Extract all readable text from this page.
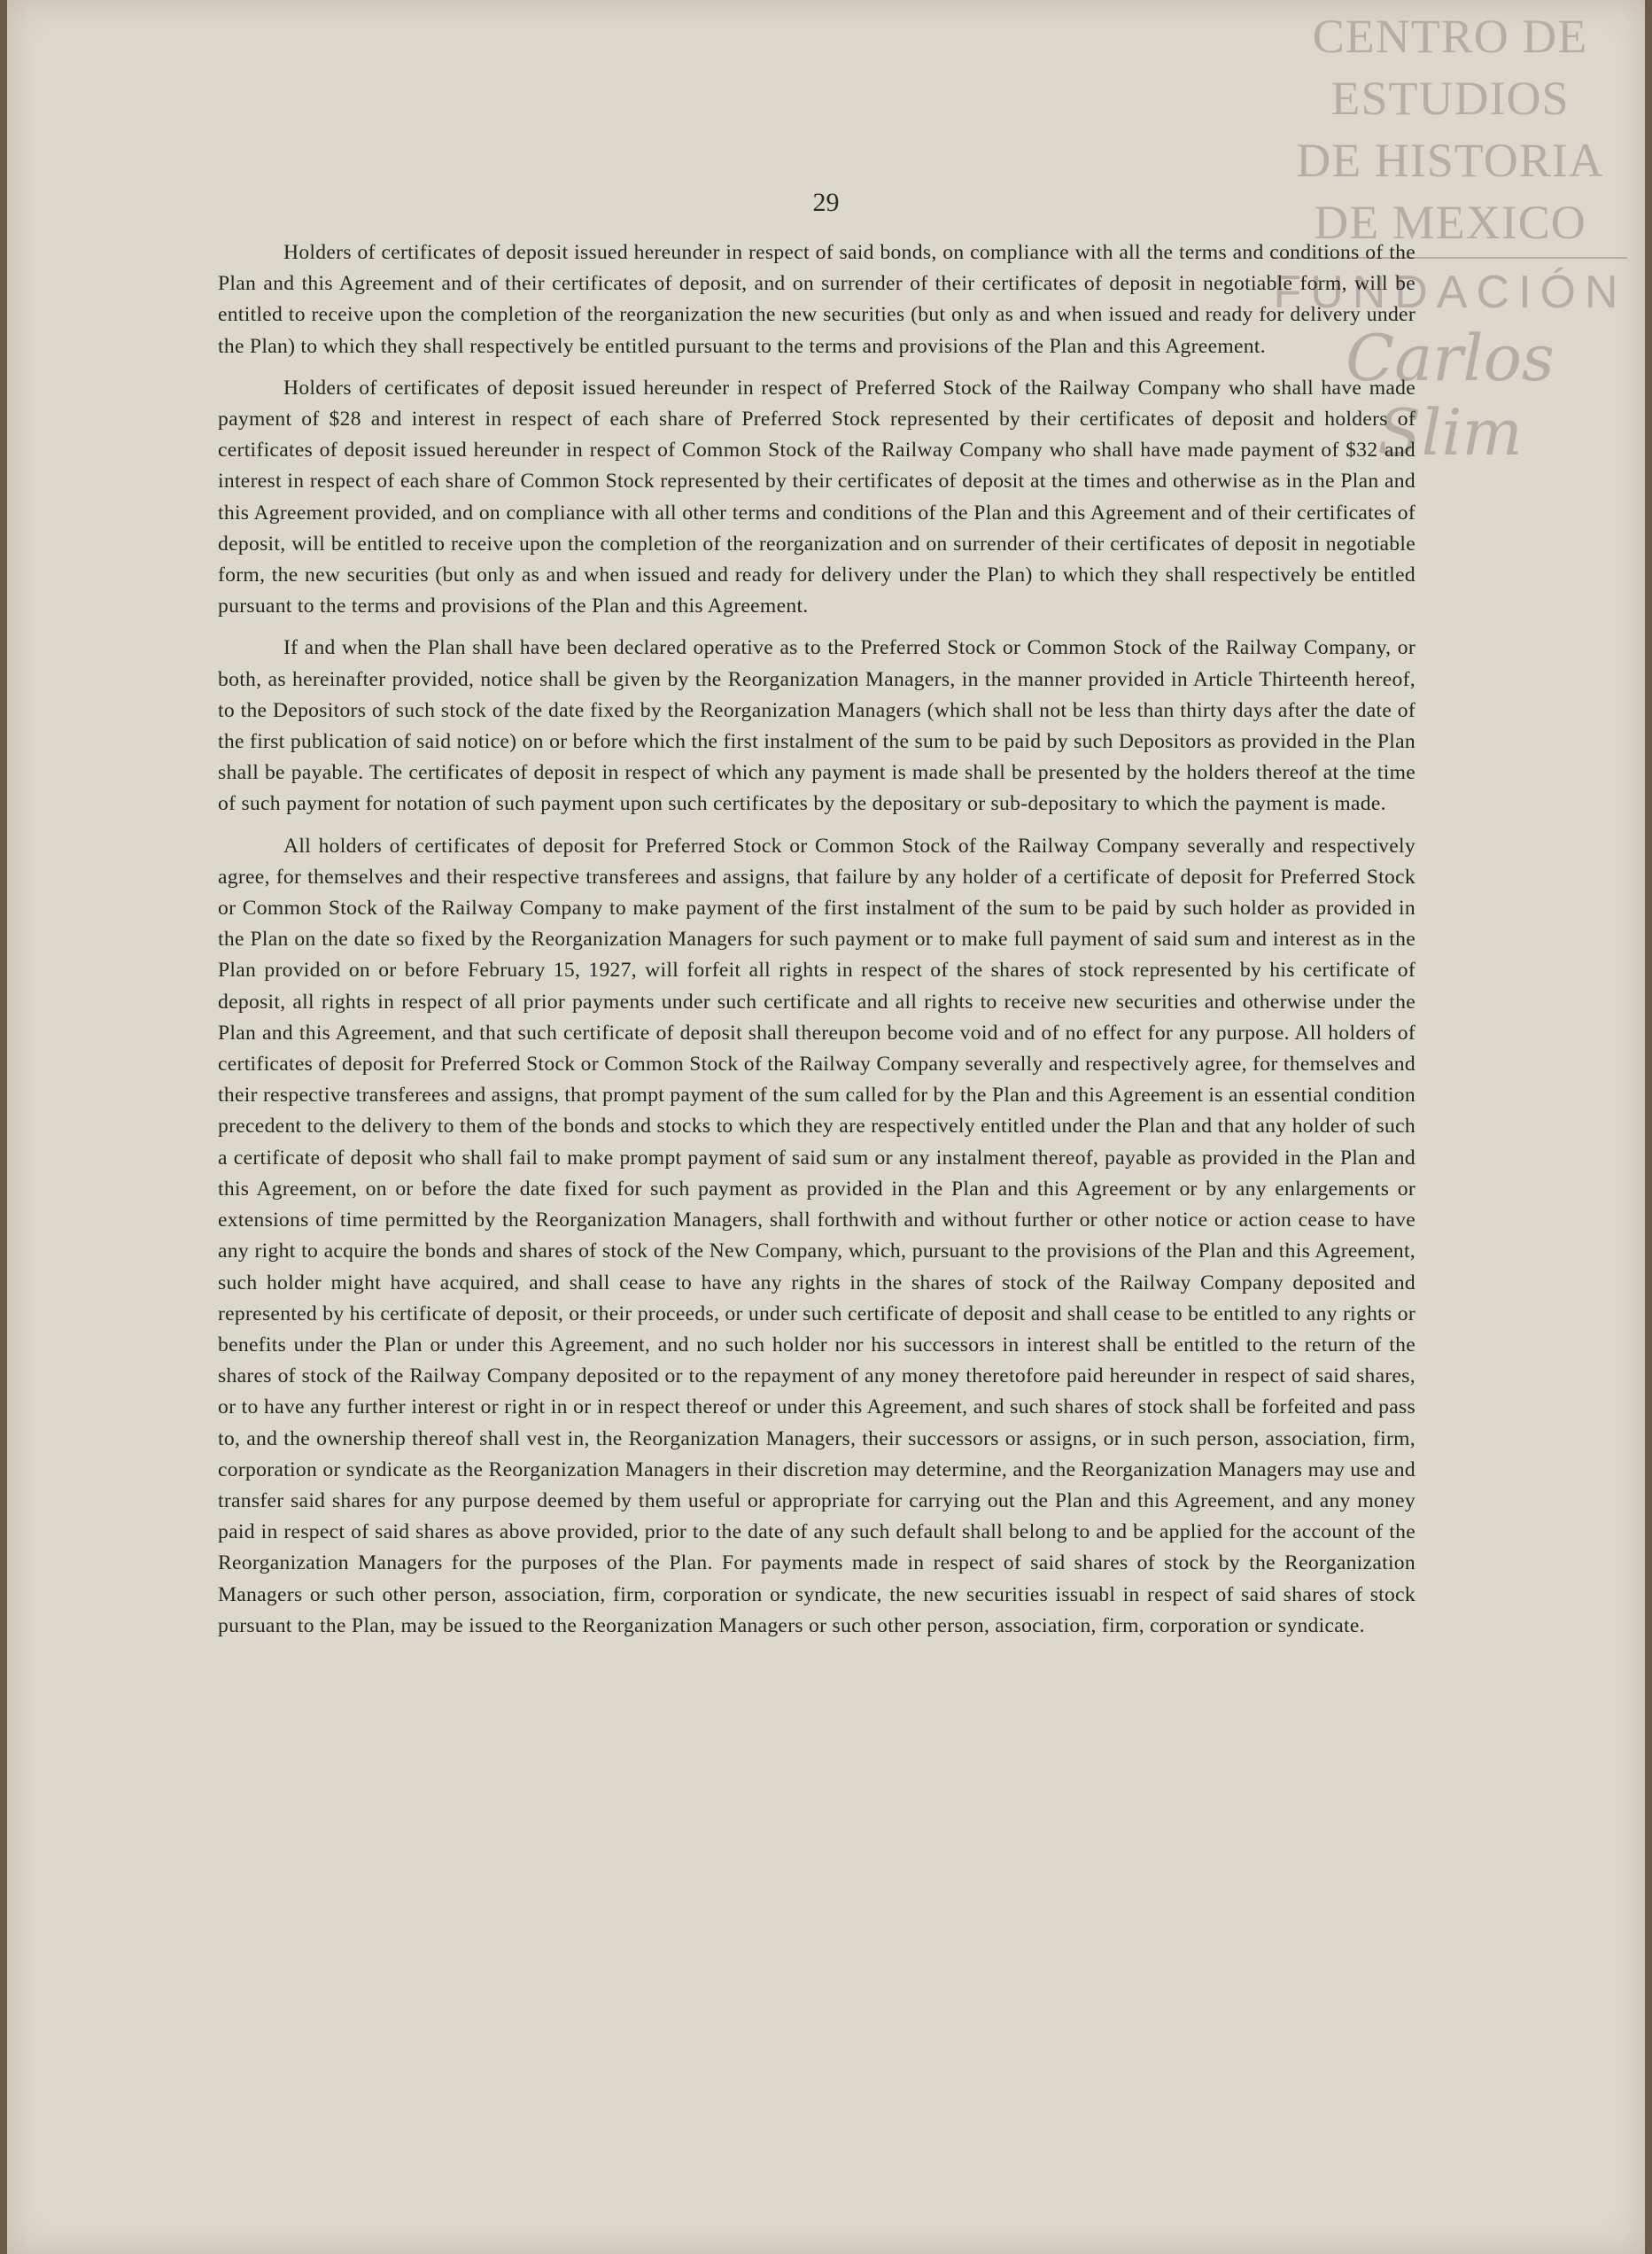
CENTRO DE
ESTUDIOS
DE HISTORIA
DE MEXICO
FUNDACIÓN
Carlos Slim
29

Holders of certificates of deposit issued hereunder in respect of said bonds, on compliance with all the terms and conditions of the Plan and this Agreement and of their certificates of deposit, and on surrender of their certificates of deposit in negotiable form, will be entitled to receive upon the completion of the reorganization the new securities (but only as and when issued and ready for delivery under the Plan) to which they shall respectively be entitled pursuant to the terms and provisions of the Plan and this Agreement.

Holders of certificates of deposit issued hereunder in respect of Preferred Stock of the Railway Company who shall have made payment of $28 and interest in respect of each share of Preferred Stock represented by their certificates of deposit and holders of certificates of deposit issued hereunder in respect of Common Stock of the Railway Company who shall have made payment of $32 and interest in respect of each share of Common Stock represented by their certificates of deposit at the times and otherwise as in the Plan and this Agreement provided, and on compliance with all other terms and conditions of the Plan and this Agreement and of their certificates of deposit, will be entitled to receive upon the completion of the reorganization and on surrender of their certificates of deposit in negotiable form, the new securities (but only as and when issued and ready for delivery under the Plan) to which they shall respectively be entitled pursuant to the terms and provisions of the Plan and this Agreement.

If and when the Plan shall have been declared operative as to the Preferred Stock or Common Stock of the Railway Company, or both, as hereinafter provided, notice shall be given by the Reorganization Managers, in the manner provided in Article Thirteenth hereof, to the Depositors of such stock of the date fixed by the Reorganization Managers (which shall not be less than thirty days after the date of the first publication of said notice) on or before which the first instalment of the sum to be paid by such Depositors as provided in the Plan shall be payable. The certificates of deposit in respect of which any payment is made shall be presented by the holders thereof at the time of such payment for notation of such payment upon such certificates by the depositary or sub-depositary to which the payment is made.

All holders of certificates of deposit for Preferred Stock or Common Stock of the Railway Company severally and respectively agree, for themselves and their respective transferees and assigns, that failure by any holder of a certificate of deposit for Preferred Stock or Common Stock of the Railway Company to make payment of the first instalment of the sum to be paid by such holder as provided in the Plan on the date so fixed by the Reorganization Managers for such payment or to make full payment of said sum and interest as in the Plan provided on or before February 15, 1927, will forfeit all rights in respect of the shares of stock represented by his certificate of deposit, all rights in respect of all prior payments under such certificate and all rights to receive new securities and otherwise under the Plan and this Agreement, and that such certificate of deposit shall thereupon become void and of no effect for any purpose. All holders of certificates of deposit for Preferred Stock or Common Stock of the Railway Company severally and respectively agree, for themselves and their respective transferees and assigns, that prompt payment of the sum called for by the Plan and this Agreement is an essential condition precedent to the delivery to them of the bonds and stocks to which they are respectively entitled under the Plan and that any holder of such a certificate of deposit who shall fail to make prompt payment of said sum or any instalment thereof, payable as provided in the Plan and this Agreement, on or before the date fixed for such payment as provided in the Plan and this Agreement or by any enlargements or extensions of time permitted by the Reorganization Managers, shall forthwith and without further or other notice or action cease to have any right to acquire the bonds and shares of stock of the New Company, which, pursuant to the provisions of the Plan and this Agreement, such holder might have acquired, and shall cease to have any rights in the shares of stock of the Railway Company deposited and represented by his certificate of deposit, or their proceeds, or under such certificate of deposit and shall cease to be entitled to any rights or benefits under the Plan or under this Agreement, and no such holder nor his successors in interest shall be entitled to the return of the shares of stock of the Railway Company deposited or to the repayment of any money theretofore paid hereunder in respect of said shares, or to have any further interest or right in or in respect thereof or under this Agreement, and such shares of stock shall be forfeited and pass to, and the ownership thereof shall vest in, the Reorganization Managers, their successors or assigns, or in such person, association, firm, corporation or syndicate as the Reorganization Managers in their discretion may determine, and the Reorganization Managers may use and transfer said shares for any purpose deemed by them useful or appropriate for carrying out the Plan and this Agreement, and any money paid in respect of said shares as above provided, prior to the date of any such default shall belong to and be applied for the account of the Reorganization Managers for the purposes of the Plan. For payments made in respect of said shares of stock by the Reorganization Managers or such other person, association, firm, corporation or syndicate, the new securities issuabl in respect of said shares of stock pursuant to the Plan, may be issued to the Reorganization Managers or such other person, association, firm, corporation or syndicate.
